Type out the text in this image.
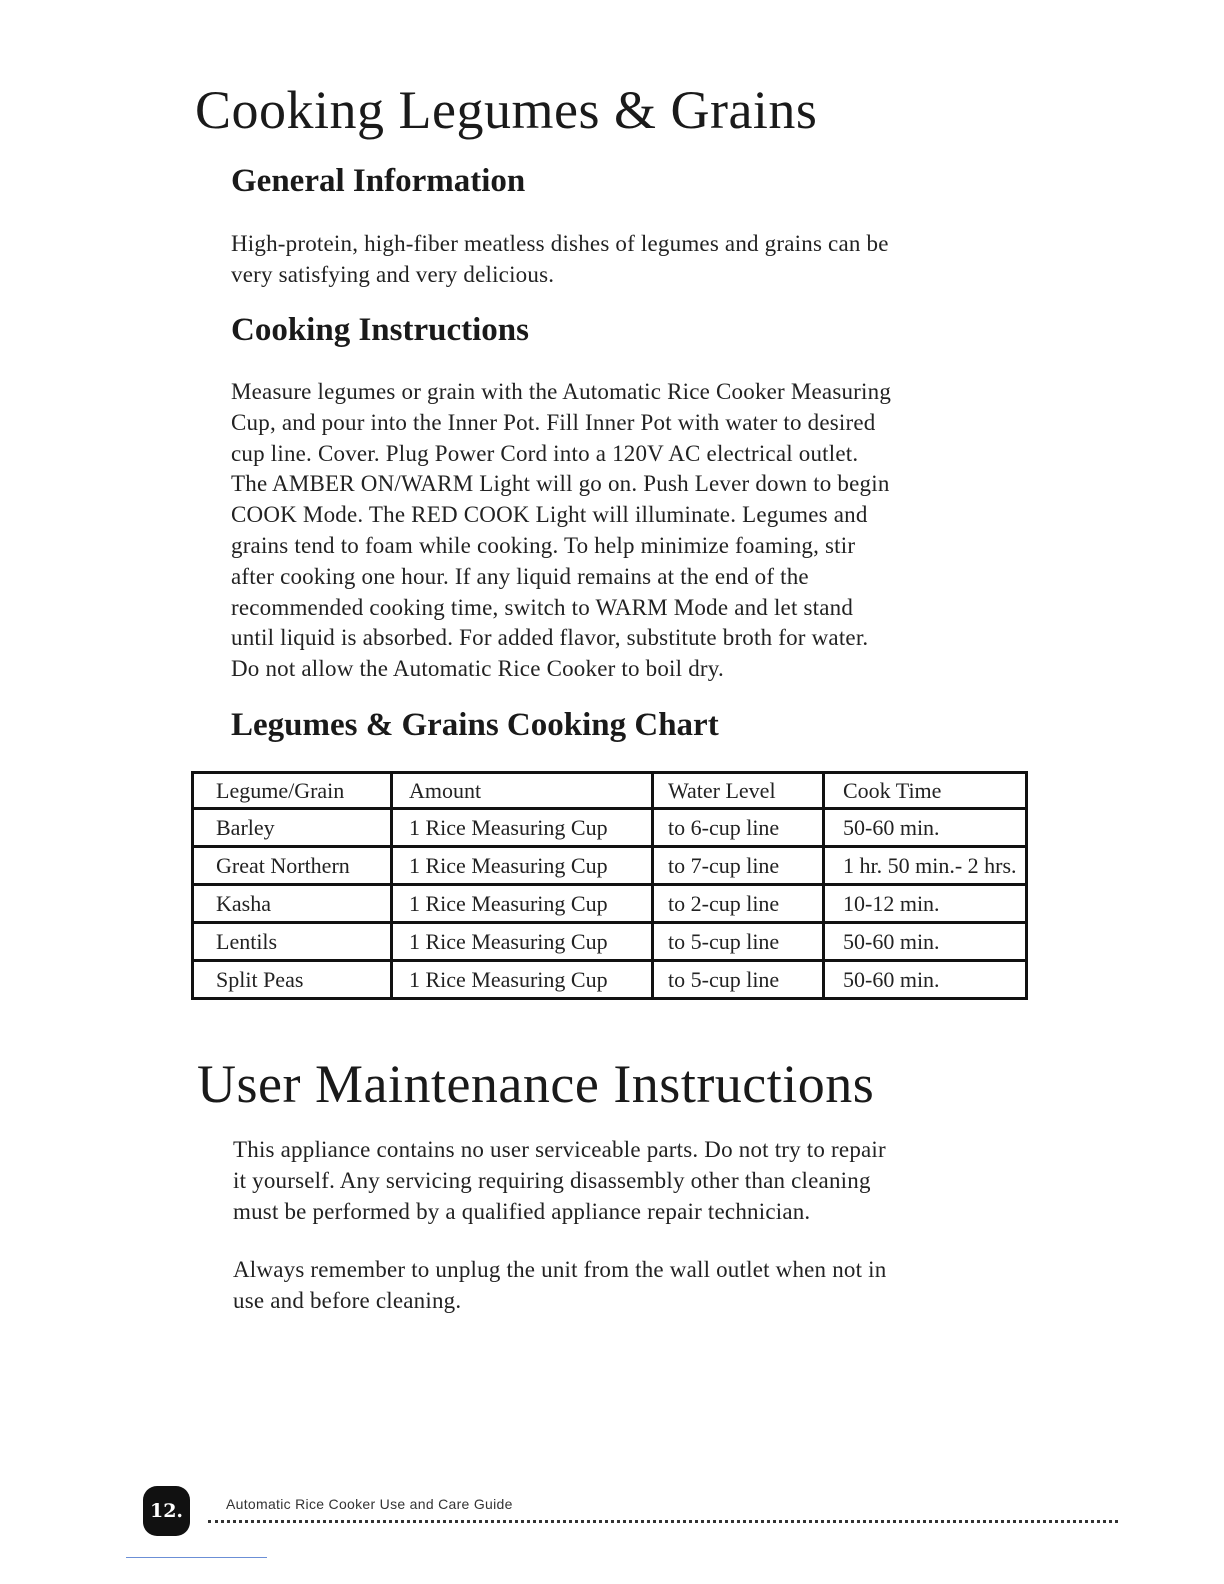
Cooking Legumes & Grains
General Information

High-protein, high-fiber meatless dishes of legumes and grains can be
very satisfying and very delicious.

Cooking Instructions

Measure legumes or grain with the Automatic Rice Cooker Measuring
Cup, and pour into the Inner Pot. Fill Inner Pot with water to desired
cup line. Cover. Plug Power Cord into a 120V AC electrical outlet.
The AMBER ON/WARM Light will go on. Push Lever down to begin
COOK Mode. The RED COOK Light will illuminate. Legumes and
grains tend to foam while cooking. To help minimize foaming, stir
after cooking one hour. If any liquid remains at the end of the
recommended cooking time, switch to WARM Mode and let stand
until liquid is absorbed. For added flavor, substitute broth for water.
Do not allow the Automatic Rice Cooker to boil dry.

Legumes & Grains Cooking Chart
Legume/Grain	Amount	Water Level	Cook Time
Barley	1 Rice Measuring Cup	to 6-cup line	50-60 min.
Great Northern	1 Rice Measuring Cup	to 7-cup line	1 hr. 50 min.- 2 hrs.
Kasha	1 Rice Measuring Cup	to 2-cup line	10-12 min.
Lentils	1 Rice Measuring Cup	to 5-cup line	50-60 min.
Split Peas	1 Rice Measuring Cup	to 5-cup line	50-60 min.
User Maintenance Instructions

This appliance contains no user serviceable parts. Do not try to repair
it yourself. Any servicing requiring disassembly other than cleaning
must be performed by a qualified appliance repair technician.

Always remember to unplug the unit from the wall outlet when not in
use and before cleaning.

12.	Automatic Rice Cooker Use and Care Guide
